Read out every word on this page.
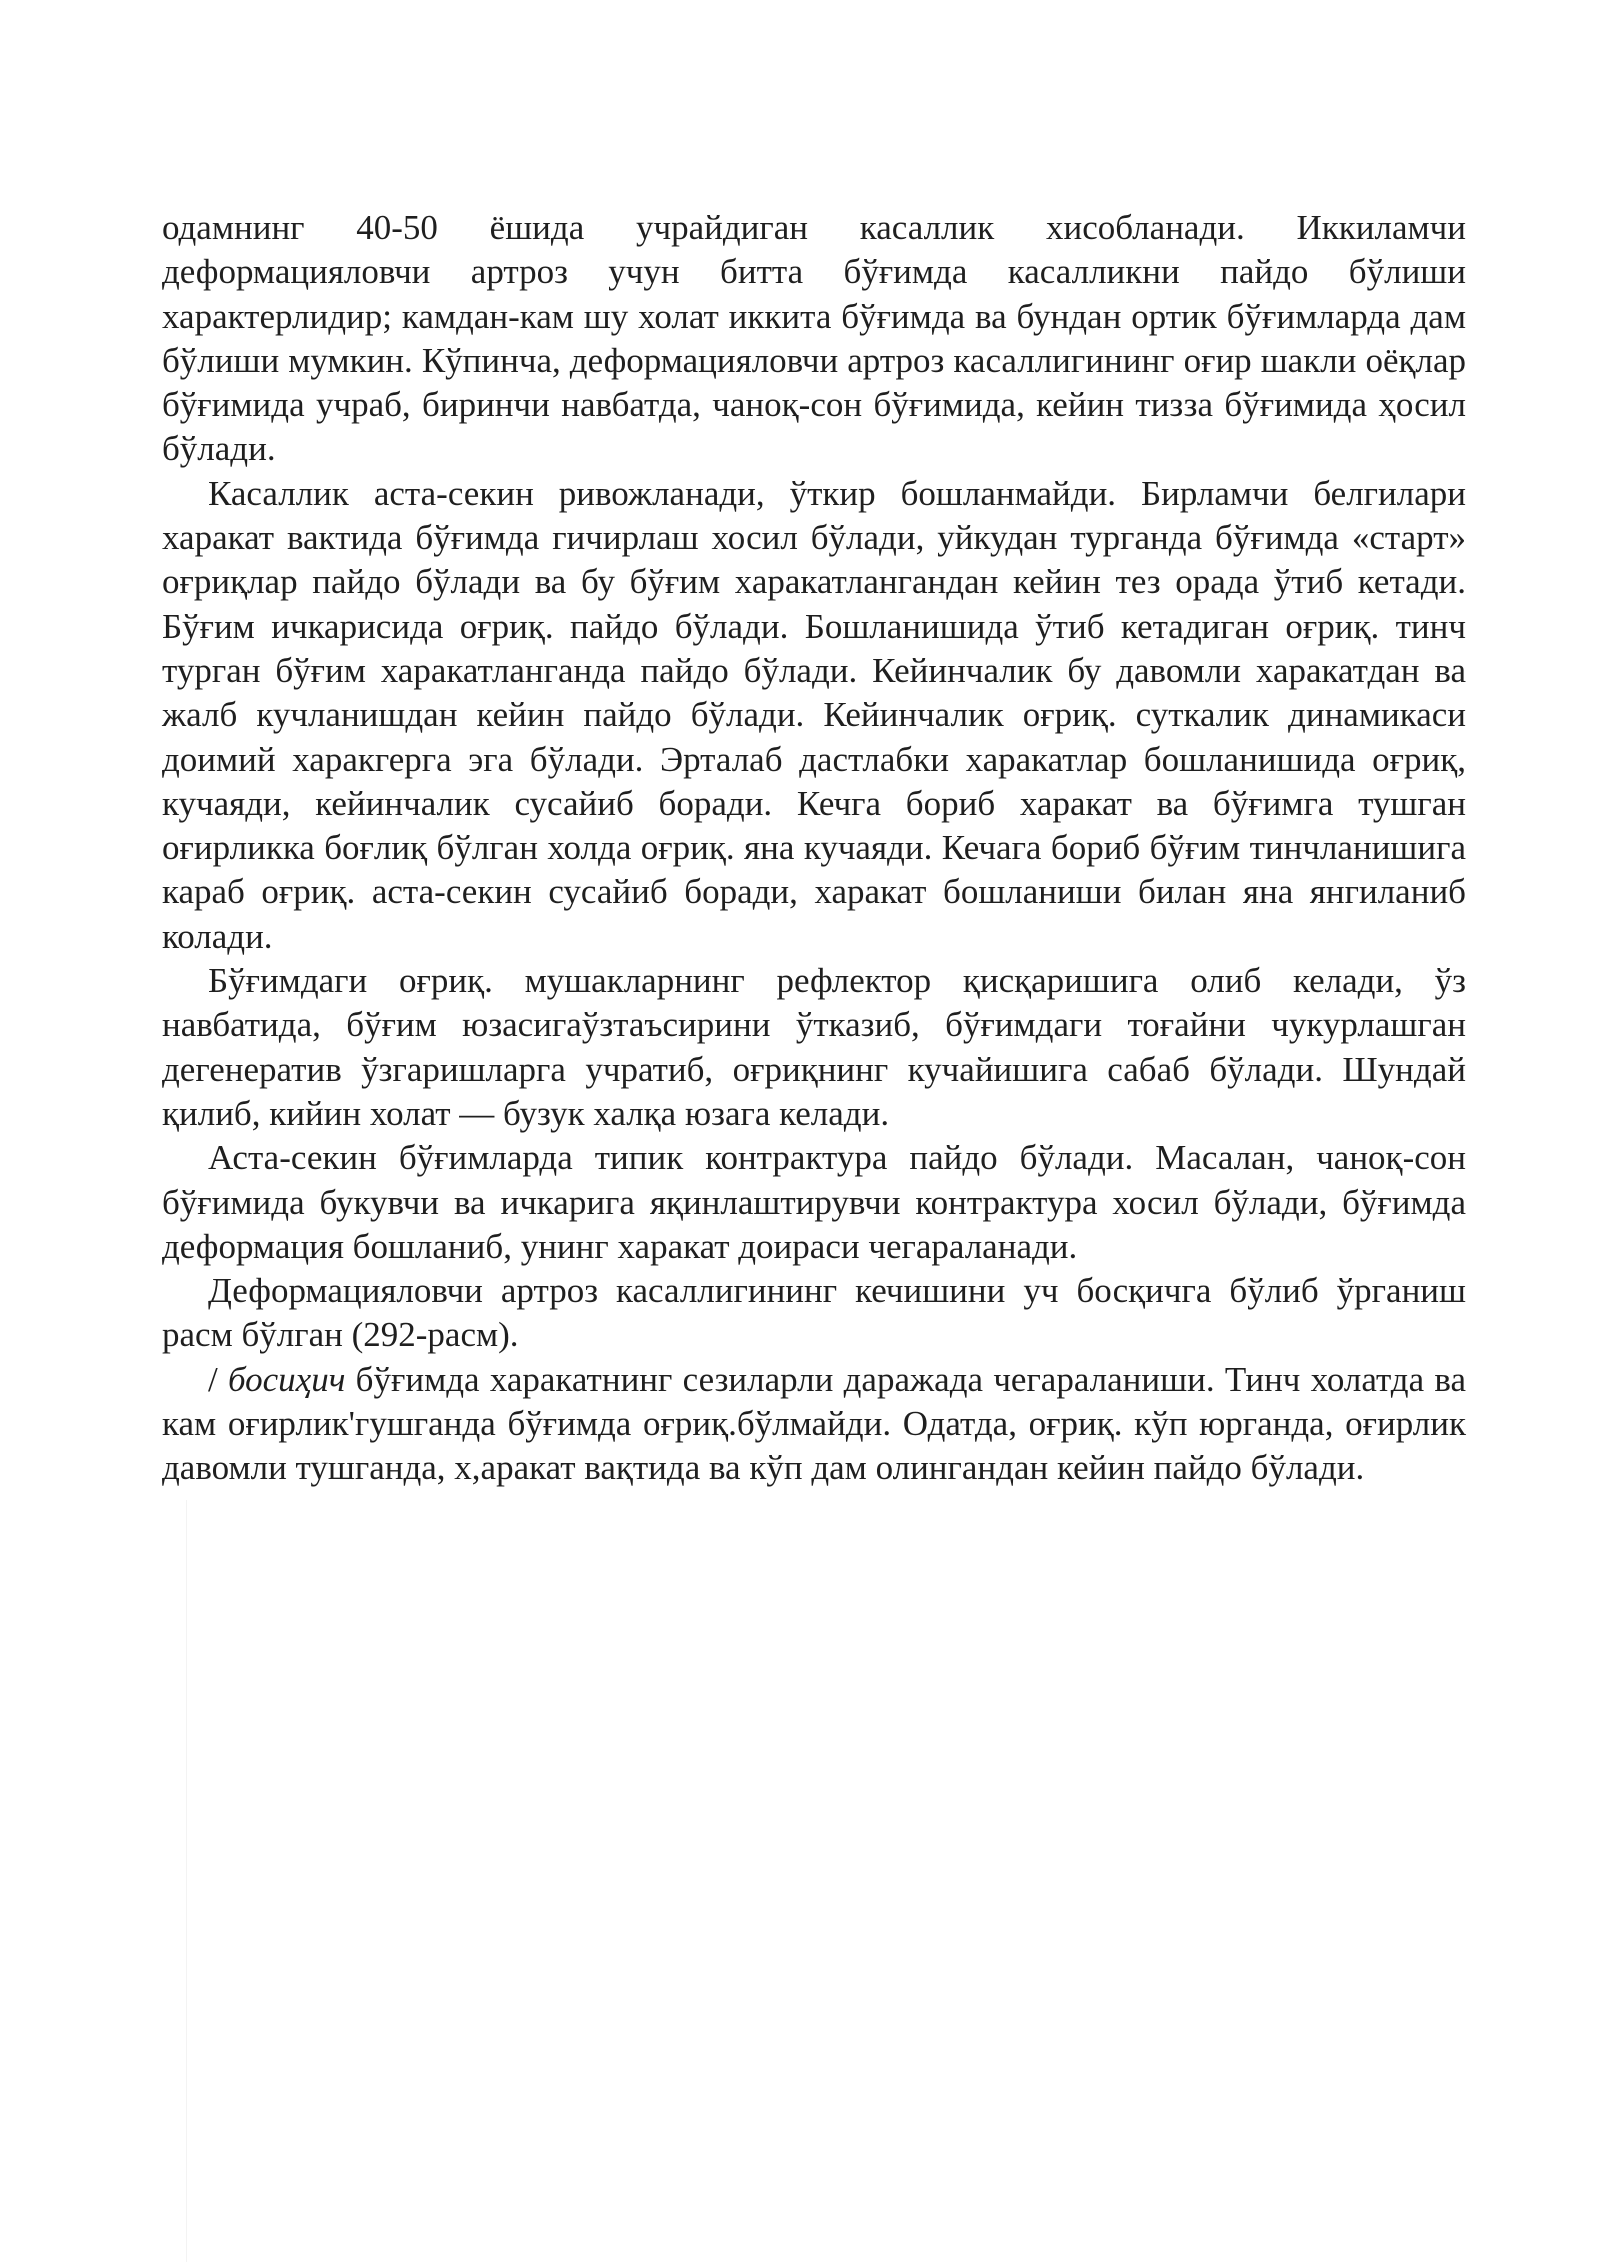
одамнинг 40-50 ёшида учрайдиган касаллик хисобланади. Иккиламчи деформацияловчи артроз учун битта бўғимда касалликни пайдо бўлиши характерлидир; камдан-кам шу холат иккита бўғимда ва бундан ортик бўғимларда дам бўлиши мумкин. Кўпинча, деформацияловчи артроз касаллигининг оғир шакли оёқлар бўғимида учраб, биринчи навбатда, чаноқ-сон бўғимида, кейин тизза бўғимида ҳосил бўлади.

Касаллик аста-секин ривожланади, ўткир бошланмайди. Бирламчи белгилари харакат вактида бўғимда гичирлаш хосил бўлади, уйкудан турганда бўғимда «старт» оғриқлар пайдо бўлади ва бу бўғим харакатлангандан кейин тез орада ўтиб кетади. Бўғим ичкарисида оғриқ. пайдо бўлади. Бошланишида ўтиб кетадиган оғриқ. тинч турган бўғим харакатланганда пайдо бўлади. Кейинчалик бу давомли харакатдан ва жалб кучланишдан кейин пайдо бўлади. Кейинчалик оғриқ. суткалик динамикаси доимий харакгерга эга бўлади. Эрталаб дастлабки харакатлар бошланишида оғриқ, кучаяди, кейинчалик сусайиб боради. Кечга бориб харакат ва бўғимга тушган оғирликка боғлиқ бўлган холда оғриқ. яна кучаяди. Кечага бориб бўғим тинчланишига караб оғриқ. аста-секин сусайиб боради, харакат бошланиши билан яна янгиланиб колади.

Бўғимдаги оғриқ. мушакларнинг рефлектор қисқаришига олиб келади, ўз навбатида, бўғим юзасигаўзтаъсирини ўтказиб, бўғимдаги тоғайни чукурлашган дегенератив ўзгаришларга учратиб, оғриқнинг кучайишига сабаб бўлади. Шундай қилиб, кийин холат — бузук халқа юзага келади.

Аста-секин бўғимларда типик контрактура пайдо бўлади. Масалан, чаноқ-сон бўғимида букувчи ва ичкарига яқинлаштирувчи контрактура хосил бўлади, бўғимда деформация бошланиб, унинг харакат доираси чегараланади.

Деформацияловчи артроз касаллигининг кечишини уч босқичга бўлиб ўрганиш расм бўлган (292-расм).

/ босиҳич бўғимда харакатнинг сезиларли даражада чегараланиши. Тинч холатда ва кам оғирлик'гушганда бўғимда оғриқ.бўлмайди. Одатда, оғриқ. кўп юрганда, оғирлик давомли тушганда, х,аракат вақтида ва кўп дам олингандан кейин пайдо бўлади.
